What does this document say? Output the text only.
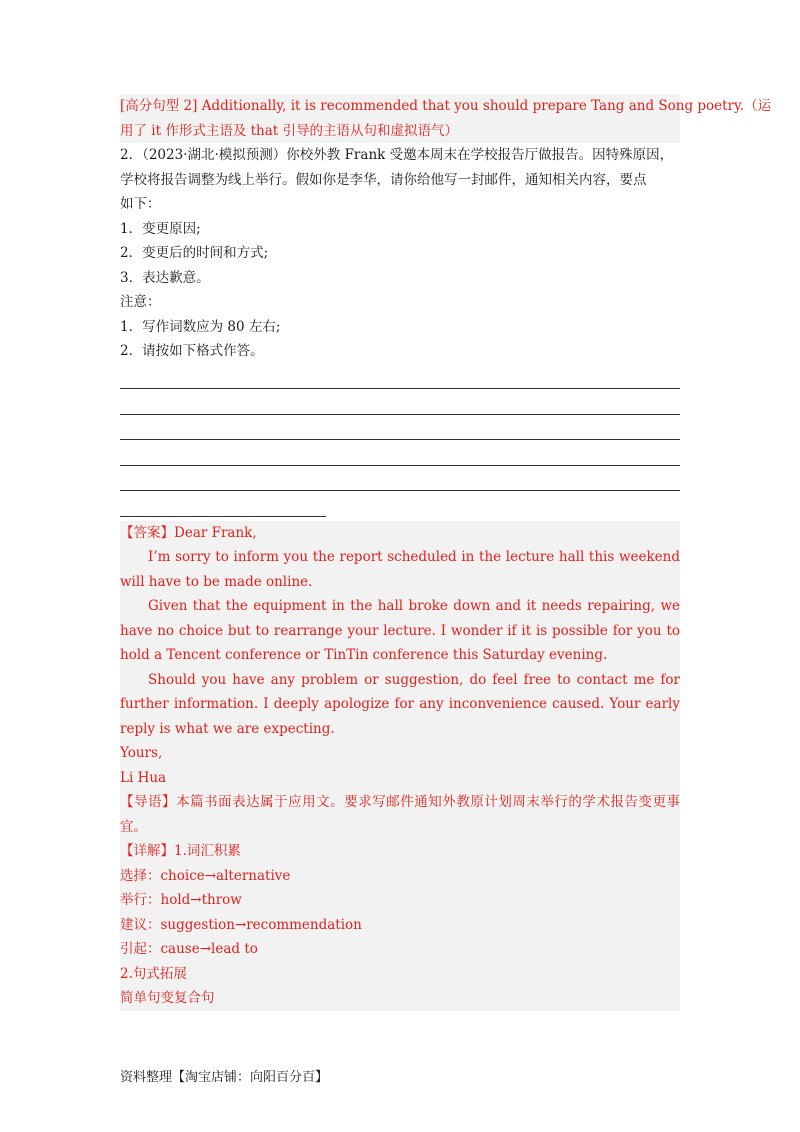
[高分句型 2] Additionally, it is recommended that you should prepare Tang and Song poetry.（运
用了 it 作形式主语及 that 引导的主语从句和虚拟语气）
2．（2023·湖北·模拟预测）你校外教 Frank 受邀本周末在学校报告厅做报告。因特殊原因，
学校将报告调整为线上举行。假如你是李华，请你给他写一封邮件，通知相关内容，要点
如下：
1．变更原因;
2．变更后的时间和方式;
3．表达歉意。
注意：
1．写作词数应为 80 左右;
2．请按如下格式作答。
【答案】Dear Frank,
I’m sorry to inform you the report scheduled in the lecture hall this weekend will have to be made online.
Given that the equipment in the hall broke down and it needs repairing, we have no choice but to rearrange your lecture. I wonder if it is possible for you to hold a Tencent conference or TinTin conference this Saturday evening.
Should you have any problem or suggestion, do feel free to contact me for further information. I deeply apologize for any inconvenience caused. Your early reply is what we are expecting.
Yours,
Li Hua
【导语】本篇书面表达属于应用文。要求写邮件通知外教原计划周末举行的学术报告变更事宜。
【详解】1.词汇积累
选择：choice→alternative
举行：hold→throw
建议：suggestion→recommendation
引起：cause→lead to
2.句式拓展
简单句变复合句
资料整理【淘宝店铺：向阳百分百】
